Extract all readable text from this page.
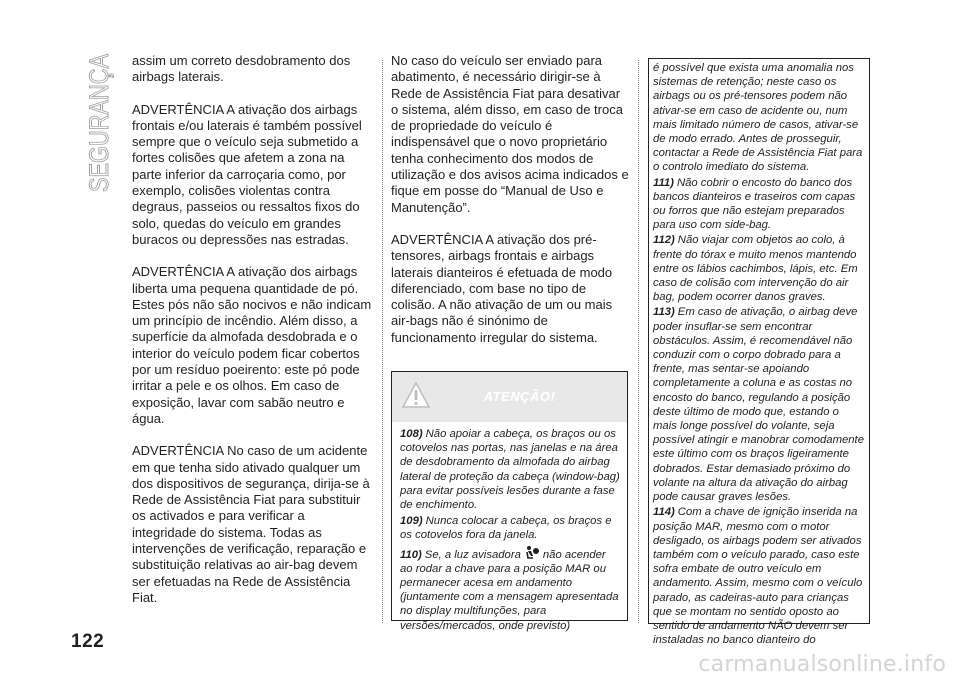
SEGURANÇA

122

assim um correto desdobramento dos airbags laterais.

ADVERTÊNCIA A ativação dos airbags frontais e/ou laterais é também possível sempre que o veículo seja submetido a fortes colisões que afetem a zona na parte inferior da carroçaria como, por exemplo, colisões violentas contra degraus, passeios ou ressaltos fixos do solo, quedas do veículo em grandes buracos ou depressões nas estradas.

ADVERTÊNCIA A ativação dos airbags liberta uma pequena quantidade de pó. Estes pós não são nocivos e não indicam um princípio de incêndio. Além disso, a superfície da almofada desdobrada e o interior do veículo podem ficar cobertos por um resíduo poeirento: este pó pode irritar a pele e os olhos. Em caso de exposição, lavar com sabão neutro e água.

ADVERTÊNCIA No caso de um acidente em que tenha sido ativado qualquer um dos dispositivos de segurança, dirija-se à Rede de Assistência Fiat para substituir os activados e para verificar a integridade do sistema. Todas as intervenções de verificação, reparação e substituição relativas ao air-bag devem ser efetuadas na Rede de Assistência Fiat.

No caso do veículo ser enviado para abatimento, é necessário dirigir-se à Rede de Assistência Fiat para desativar o sistema, além disso, em caso de troca de propriedade do veículo é indispensável que o novo proprietário tenha conhecimento dos modos de utilização e dos avisos acima indicados e fique em posse do “Manual de Uso e Manutenção”.

ADVERTÊNCIA A ativação dos pré-tensores, airbags frontais e airbags laterais dianteiros é efetuada de modo diferenciado, com base no tipo de colisão. A não ativação de um ou mais air-bags não é sinónimo de funcionamento irregular do sistema.

ATENÇÃO!

108) Não apoiar a cabeça, os braços ou os cotovelos nas portas, nas janelas e na área de desdobramento da almofada do airbag lateral de proteção da cabeça (window-bag) para evitar possíveis lesões durante a fase de enchimento.

109) Nunca colocar a cabeça, os braços e os cotovelos fora da janela.

110) Se, a luz avisadora não acender ao rodar a chave para a posição MAR ou permanecer acesa em andamento (juntamente com a mensagem apresentada no display multifunções, para versões/mercados, onde previsto)

é possível que exista uma anomalia nos sistemas de retenção; neste caso os airbags ou os pré-tensores podem não ativar-se em caso de acidente ou, num mais limitado número de casos, ativar-se de modo errado. Antes de prosseguir, contactar a Rede de Assistência Fiat para o controlo imediato do sistema.

111) Não cobrir o encosto do banco dos bancos dianteiros e traseiros com capas ou forros que não estejam preparados para uso com side-bag.

112) Não viajar com objetos ao colo, à frente do tórax e muito menos mantendo entre os lábios cachimbos, lápis, etc. Em caso de colisão com intervenção do air bag, podem ocorrer danos graves.

113) Em caso de ativação, o airbag deve poder insuflar-se sem encontrar obstáculos. Assim, é recomendável não conduzir com o corpo dobrado para a frente, mas sentar-se apoiando completamente a coluna e as costas no encosto do banco, regulando a posição deste último de modo que, estando o mais longe possível do volante, seja possível atingir e manobrar comodamente este último com os braços ligeiramente dobrados. Estar demasiado próximo do volante na altura da ativação do airbag pode causar graves lesões.

114) Com a chave de ignição inserida na posição MAR, mesmo com o motor desligado, os airbags podem ser ativados também com o veículo parado, caso este sofra embate de outro veículo em andamento. Assim, mesmo com o veículo parado, as cadeiras-auto para crianças que se montam no sentido oposto ao sentido de andamento NÃO devem ser instaladas no banco dianteiro do

carmanualsonline.info
